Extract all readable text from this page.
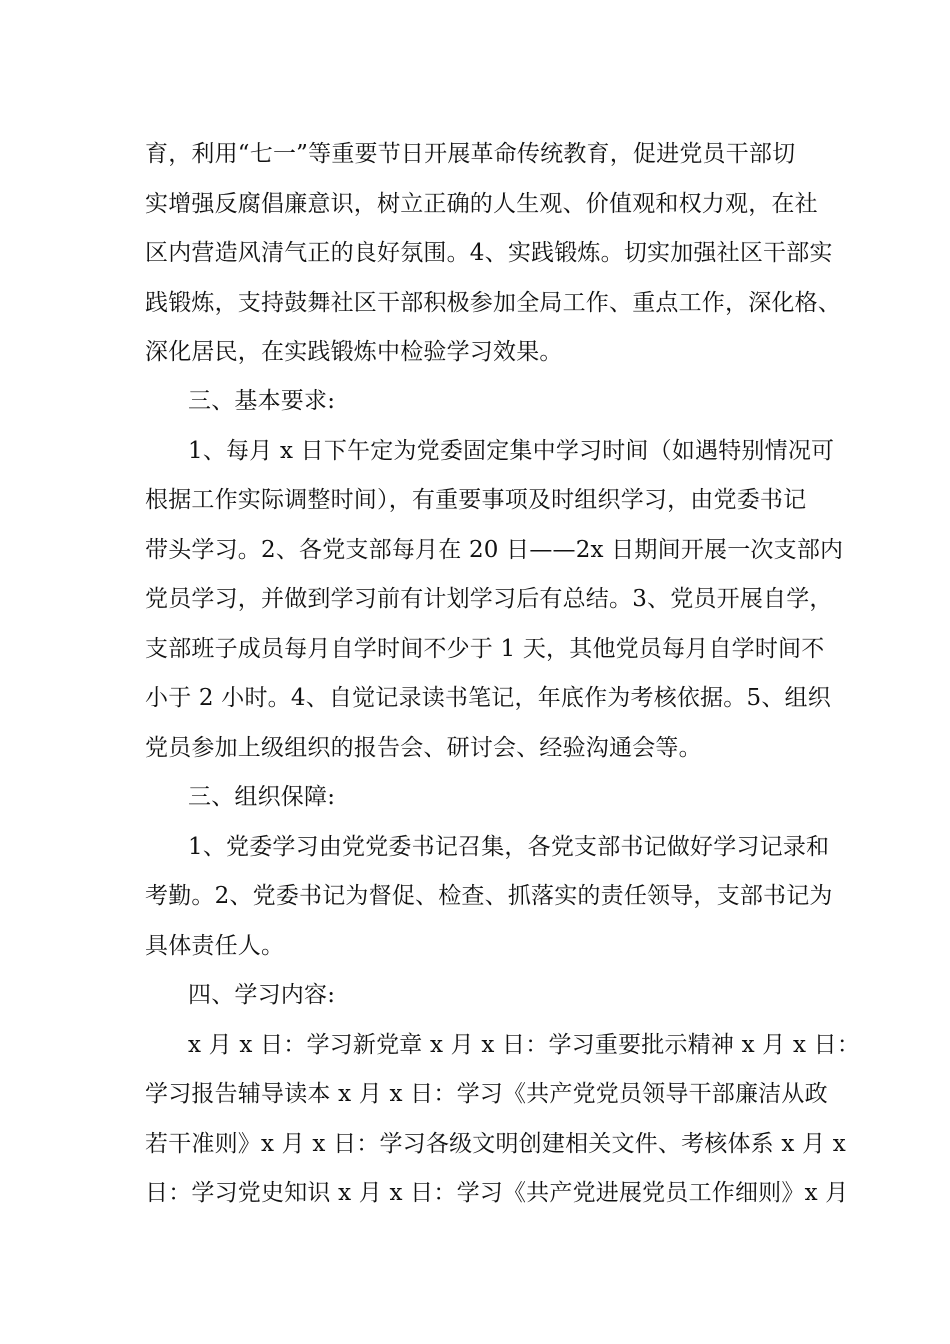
育，利用“七一”等重要节日开展革命传统教育，促进党员干部切
实增强反腐倡廉意识，树立正确的人生观、价值观和权力观，在社
区内营造风清气正的良好氛围。4、实践锻炼。切实加强社区干部实
践锻炼，支持鼓舞社区干部积极参加全局工作、重点工作，深化格、
深化居民，在实践锻炼中检验学习效果。
三、基本要求:
1、每月 x 日下午定为党委固定集中学习时间（如遇特别情况可
根据工作实际调整时间），有重要事项及时组织学习，由党委书记
带头学习。2、各党支部每月在 20 日——2x 日期间开展一次支部内
党员学习，并做到学习前有计划学习后有总结。3、党员开展自学，
支部班子成员每月自学时间不少于 1 天，其他党员每月自学时间不
小于 2 小时。4、自觉记录读书笔记，年底作为考核依据。5、组织
党员参加上级组织的报告会、研讨会、经验沟通会等。
三、组织保障:
1、党委学习由党党委书记召集，各党支部书记做好学习记录和
考勤。2、党委书记为督促、检查、抓落实的责任领导，支部书记为
具体责任人。
四、学习内容:
x 月 x 日：学习新党章 x 月 x 日：学习重要批示精神 x 月 x 日：
学习报告辅导读本 x 月 x 日：学习《共产党党员领导干部廉洁从政
若干准则》x 月 x 日：学习各级文明创建相关文件、考核体系 x 月 x
日：学习党史知识 x 月 x 日：学习《共产党进展党员工作细则》x 月
